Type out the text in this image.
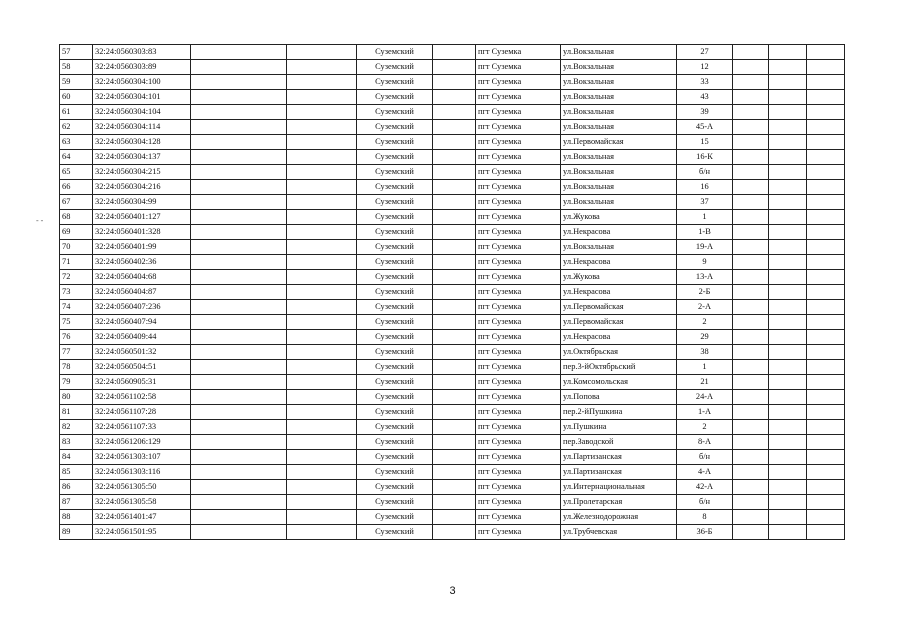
- -
57	32:24:0560303:83			Суземский		пгт Суземка	ул.Вокзальная	27			
58	32:24:0560303:89			Суземский		пгт Суземка	ул.Вокзальная	12			
59	32:24:0560304:100			Суземский		пгт Суземка	ул.Вокзальная	33			
60	32:24:0560304:101			Суземский		пгт Суземка	ул.Вокзальная	43			
61	32:24:0560304:104			Суземский		пгт Суземка	ул.Вокзальная	39			
62	32:24:0560304:114			Суземский		пгт Суземка	ул.Вокзальная	45-А			
63	32:24:0560304:128			Суземский		пгт Суземка	ул.Первомайская	15			
64	32:24:0560304:137			Суземский		пгт Суземка	ул.Вокзальная	16-К			
65	32:24:0560304:215			Суземский		пгт Суземка	ул.Вокзальная	б/н			
66	32:24:0560304:216			Суземский		пгт Суземка	ул.Вокзальная	16			
67	32:24:0560304:99			Суземский		пгт Суземка	ул.Вокзальная	37			
68	32:24:0560401:127			Суземский		пгт Суземка	ул.Жукова	1			
69	32:24:0560401:328			Суземский		пгт Суземка	ул.Некрасова	1-В			
70	32:24:0560401:99			Суземский		пгт Суземка	ул.Вокзальная	19-А			
71	32:24:0560402:36			Суземский		пгт Суземка	ул.Некрасова	9			
72	32:24:0560404:68			Суземский		пгт Суземка	ул.Жукова	13-А			
73	32:24:0560404:87			Суземский		пгт Суземка	ул.Некрасова	2-Б			
74	32:24:0560407:236			Суземский		пгт Суземка	ул.Первомайская	2-А			
75	32:24:0560407:94			Суземский		пгт Суземка	ул.Первомайская	2			
76	32:24:0560409:44			Суземский		пгт Суземка	ул.Некрасова	29			
77	32:24:0560501:32			Суземский		пгт Суземка	ул.Октябрьская	38			
78	32:24:0560504:51			Суземский		пгт Суземка	пер.3-йОктябрьский	1			
79	32:24:0560905:31			Суземский		пгт Суземка	ул.Комсомольская	21			
80	32:24:0561102:58			Суземский		пгт Суземка	ул.Попова	24-А			
81	32:24:0561107:28			Суземский		пгт Суземка	пер.2-йПушкина	1-А			
82	32:24:0561107:33			Суземский		пгт Суземка	ул.Пушкина	2			
83	32:24:0561206:129			Суземский		пгт Суземка	пер.Заводской	8-А			
84	32:24:0561303:107			Суземский		пгт Суземка	ул.Партизанская	б/н			
85	32:24:0561303:116			Суземский		пгт Суземка	ул.Партизанская	4-А			
86	32:24:0561305:50			Суземский		пгт Суземка	ул.Интернациональная	42-А			
87	32:24:0561305:58			Суземский		пгт Суземка	ул.Пролетарская	б/н			
88	32:24:0561401:47			Суземский		пгт Суземка	ул.Железнодорожная	8			
89	32:24:0561501:95			Суземский		пгт Суземка	ул.Трубчевская	36-Б			
3
